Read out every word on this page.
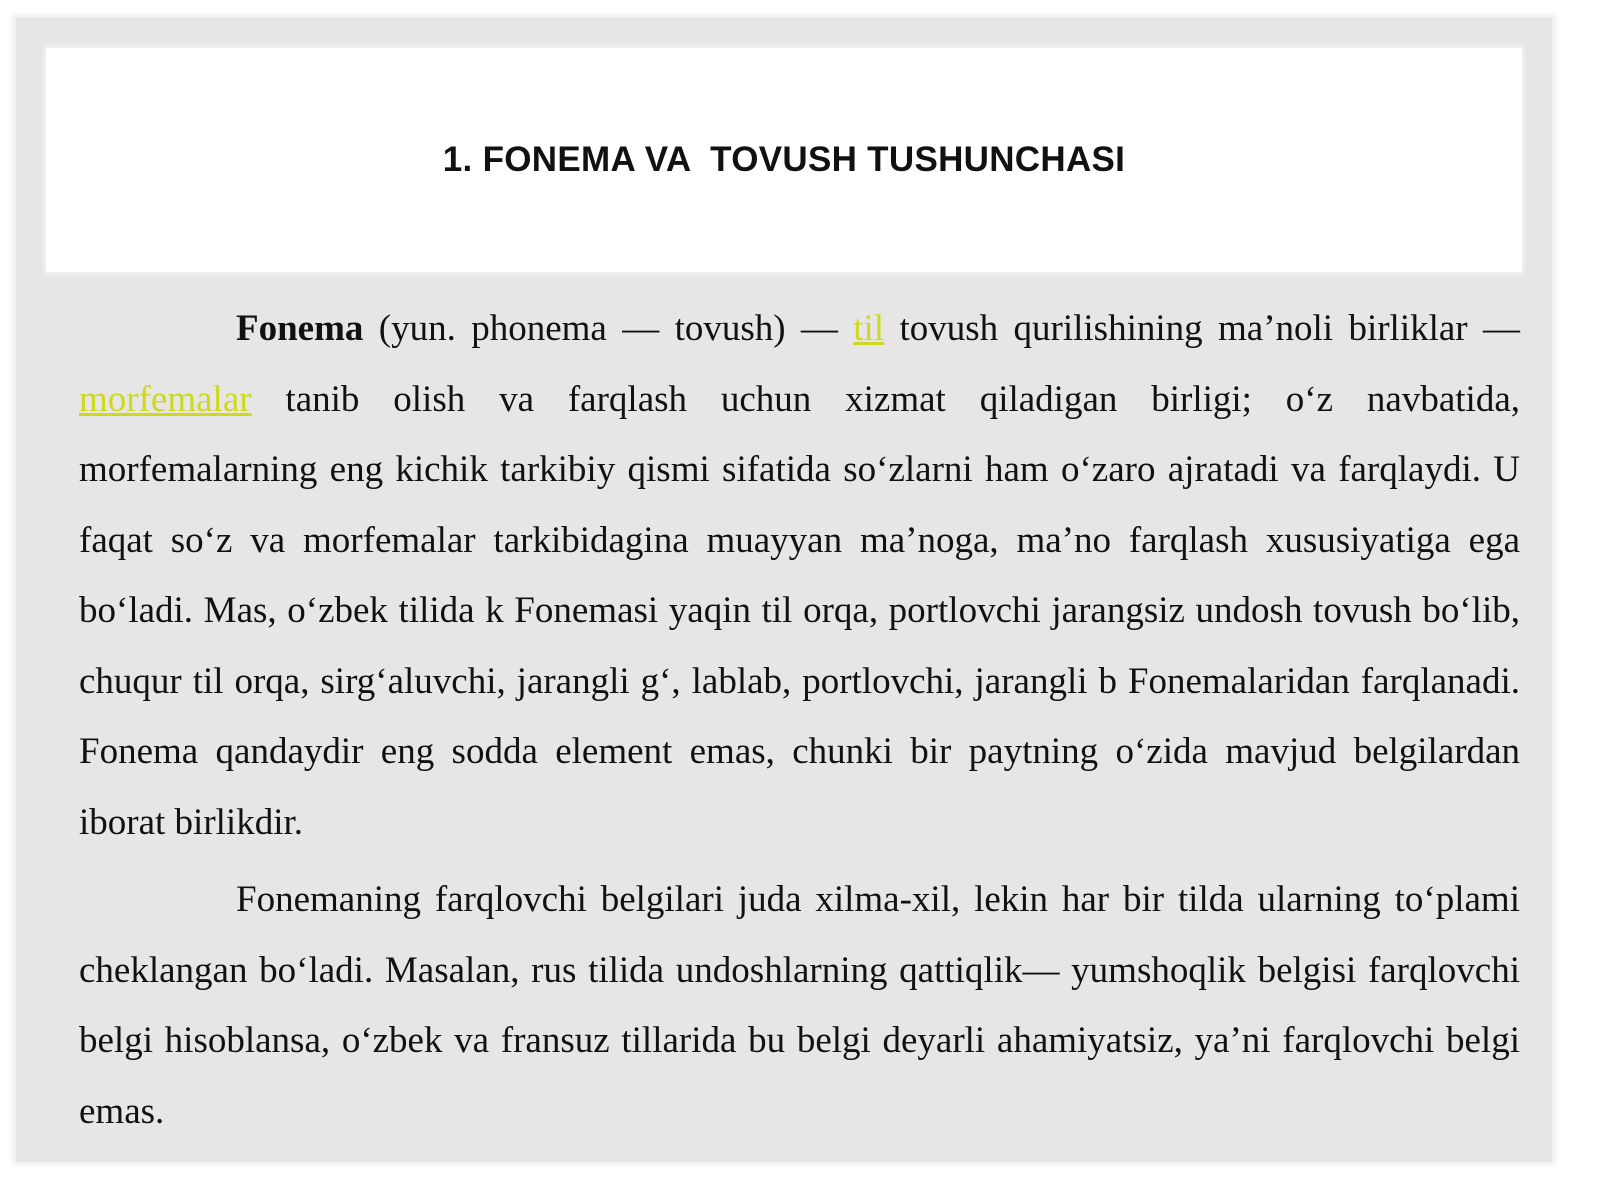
1. FONEMA VA  TOVUSH TUSHUNCHASI

Fonema (yun. phonema — tovush) — til tovush qurilishining ma’noli birliklar — morfemalar tanib olish va farqlash uchun xizmat qiladigan birligi; o‘z navbatida, morfemalarning eng kichik tarkibiy qismi sifatida so‘zlarni ham o‘zaro ajratadi va farqlaydi. U faqat so‘z va morfemalar tarkibidagina muayyan ma’noga, ma’no farqlash xususiyatiga ega bo‘ladi. Mas, o‘zbek tilida k Fonemasi yaqin til orqa, portlovchi jarangsiz undosh tovush bo‘lib, chuqur til orqa, sirg‘aluvchi, jarangli g‘, lablab, portlovchi, jarangli b Fonemalaridan farqlanadi. Fonema qandaydir eng sodda element emas, chunki bir paytning o‘zida mavjud belgilardan iborat birlikdir.

Fonemaning farqlovchi belgilari juda xilma-xil, lekin har bir tilda ularning to‘plami cheklangan bo‘ladi. Masalan, rus tilida undoshlarning qattiqlik— yumshoqlik belgisi farqlovchi belgi hisoblansa, o‘zbek va fransuz tillarida bu belgi deyarli ahamiyatsiz, ya’ni farqlovchi belgi emas.
